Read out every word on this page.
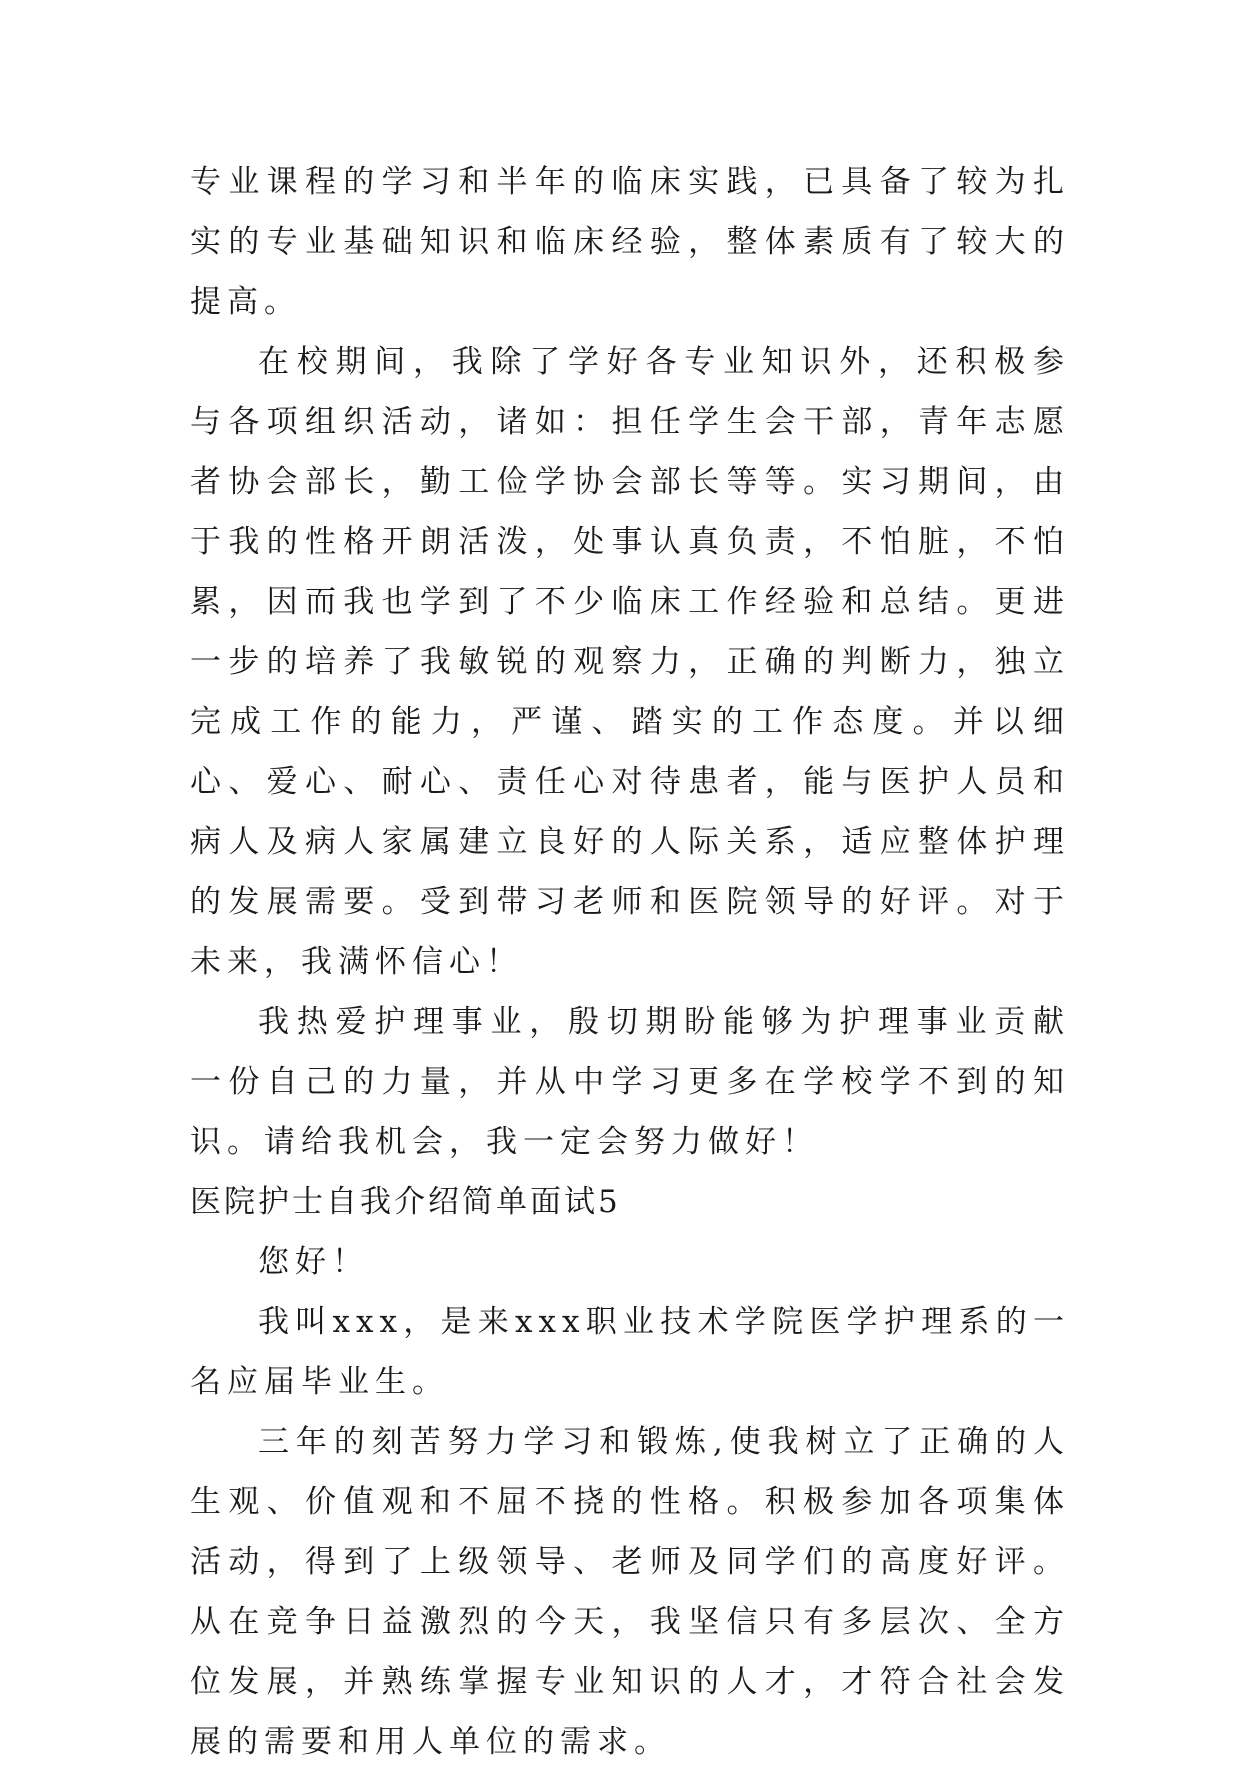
专业课程的学习和半年的临床实践，已具备了较为扎实的专业基础知识和临床经验，整体素质有了较大的提高。

在校期间，我除了学好各专业知识外，还积极参与各项组织活动，诸如：担任学生会干部，青年志愿者协会部长，勤工俭学协会部长等等。实习期间，由于我的性格开朗活泼，处事认真负责，不怕脏，不怕累，因而我也学到了不少临床工作经验和总结。更进一步的培养了我敏锐的观察力，正确的判断力，独立完成工作的能力，严谨、踏实的工作态度。并以细心、爱心、耐心、责任心对待患者，能与医护人员和病人及病人家属建立良好的人际关系，适应整体护理的发展需要。受到带习老师和医院领导的好评。对于未来，我满怀信心！

我热爱护理事业，殷切期盼能够为护理事业贡献一份自己的力量，并从中学习更多在学校学不到的知识。请给我机会，我一定会努力做好！

医院护士自我介绍简单面试5

您好！

我叫xxx，是来xxx职业技术学院医学护理系的一名应届毕业生。

三年的刻苦努力学习和锻炼,使我树立了正确的人生观、价值观和不屈不挠的性格。积极参加各项集体活动，得到了上级领导、老师及同学们的高度好评。从在竞争日益激烈的今天，我坚信只有多层次、全方位发展，并熟练掌握专业知识的人才，才符合社会发展的需要和用人单位的需求。
